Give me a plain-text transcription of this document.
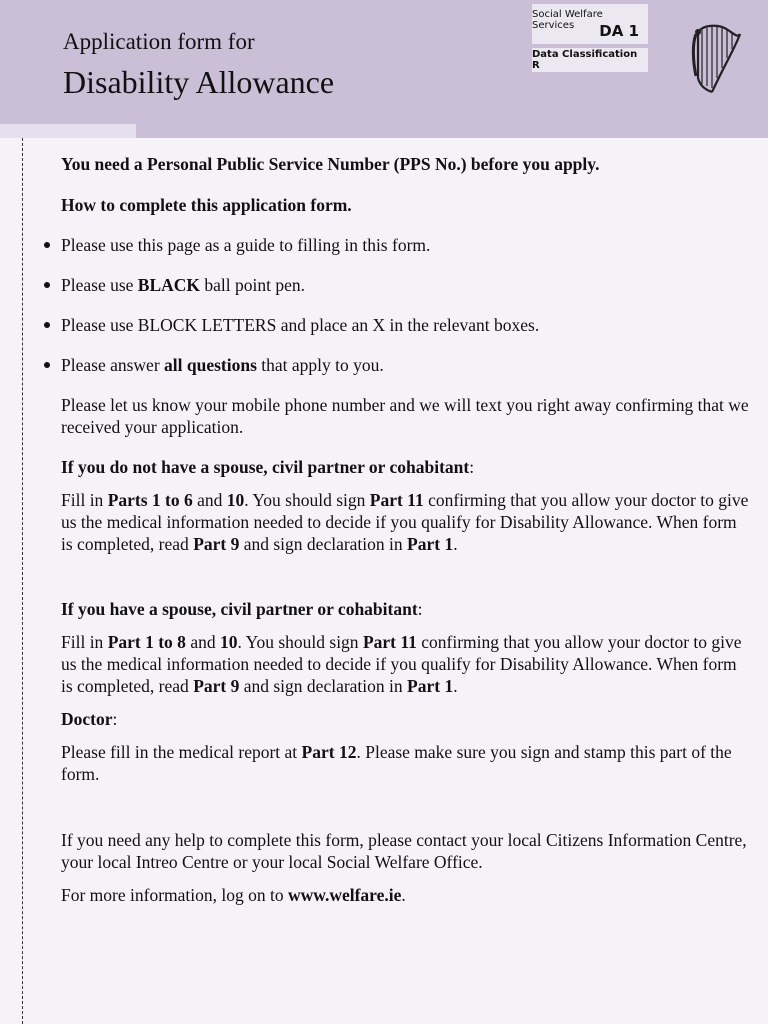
Application form for
Disability Allowance
Social Welfare Services	DA 1
Data Classification R

You need a Personal Public Service Number (PPS No.) before you apply.

How to complete this application form.

Please use this page as a guide to filling in this form.
Please use BLACK ball point pen.
Please use BLOCK LETTERS and place an X in the relevant boxes.
Please answer all questions that apply to you.

Please let us know your mobile phone number and we will text you right away confirming that we received your application.

If you do not have a spouse, civil partner or cohabitant:

Fill in Parts 1 to 6 and 10. You should sign Part 11 confirming that you allow your doctor to give us the medical information needed to decide if you qualify for Disability Allowance. When form is completed, read Part 9 and sign declaration in Part 1.

If you have a spouse, civil partner or cohabitant:

Fill in Part 1 to 8 and 10. You should sign Part 11 confirming that you allow your doctor to give us the medical information needed to decide if you qualify for Disability Allowance. When form is completed, read Part 9 and sign declaration in Part 1.

Doctor:

Please fill in the medical report at Part 12. Please make sure you sign and stamp this part of the form.

If you need any help to complete this form, please contact your local Citizens Information Centre, your local Intreo Centre or your local Social Welfare Office.

For more information, log on to www.welfare.ie.
